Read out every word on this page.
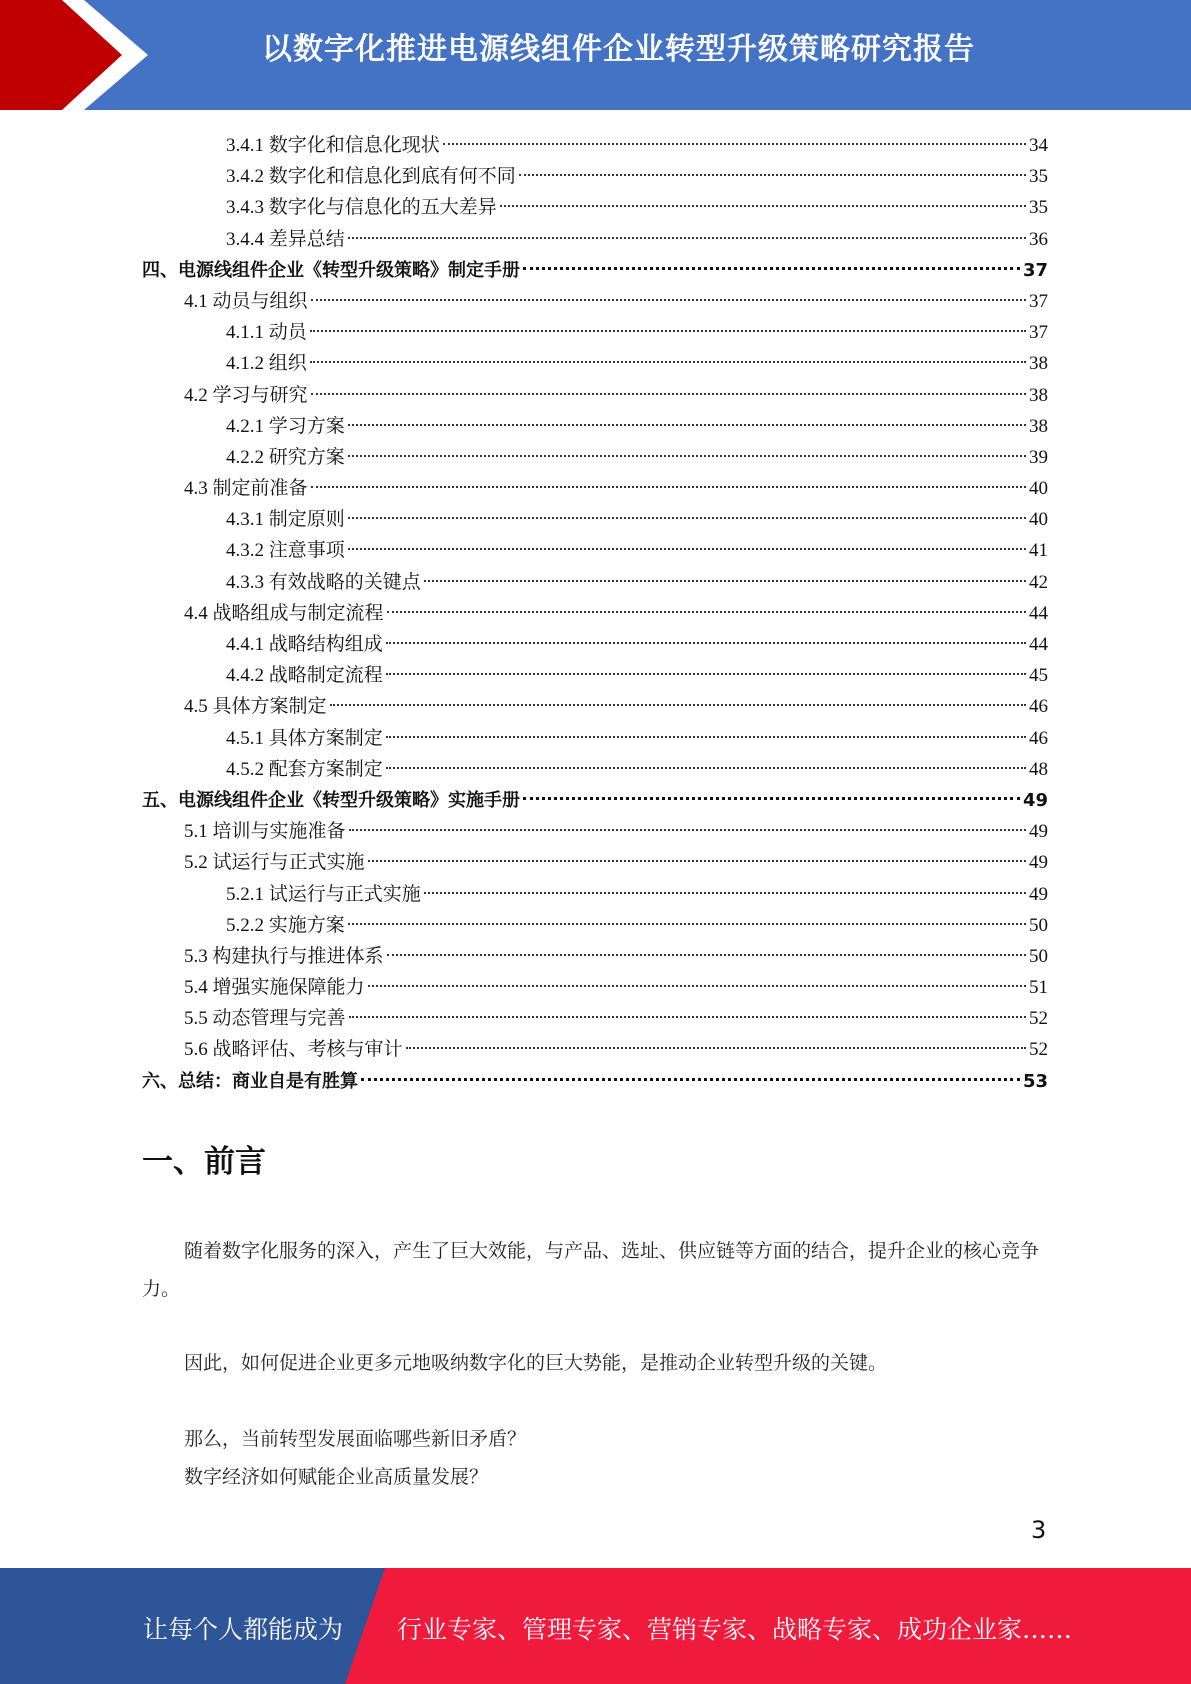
以数字化推进电源线组件企业转型升级策略研究报告
3.4.1 数字化和信息化现状	34
3.4.2 数字化和信息化到底有何不同	35
3.4.3 数字化与信息化的五大差异	35
3.4.4 差异总结	36
四、电源线组件企业《转型升级策略》制定手册	37
4.1 动员与组织	37
4.1.1 动员	37
4.1.2 组织	38
4.2 学习与研究	38
4.2.1 学习方案	38
4.2.2 研究方案	39
4.3 制定前准备	40
4.3.1 制定原则	40
4.3.2 注意事项	41
4.3.3 有效战略的关键点	42
4.4 战略组成与制定流程	44
4.4.1 战略结构组成	44
4.4.2 战略制定流程	45
4.5 具体方案制定	46
4.5.1 具体方案制定	46
4.5.2 配套方案制定	48
五、电源线组件企业《转型升级策略》实施手册	49
5.1 培训与实施准备	49
5.2 试运行与正式实施	49
5.2.1 试运行与正式实施	49
5.2.2 实施方案	50
5.3 构建执行与推进体系	50
5.4 增强实施保障能力	51
5.5 动态管理与完善	52
5.6 战略评估、考核与审计	52
六、总结：商业自是有胜算	53
一、前言
随着数字化服务的深入，产生了巨大效能，与产品、选址、供应链等方面的结合，提升企业的核心竞争力。
因此，如何促进企业更多元地吸纳数字化的巨大势能，是推动企业转型升级的关键。
那么，当前转型发展面临哪些新旧矛盾？
数字经济如何赋能企业高质量发展？
3
让每个人都能成为 行业专家、管理专家、营销专家、战略专家、成功企业家……
